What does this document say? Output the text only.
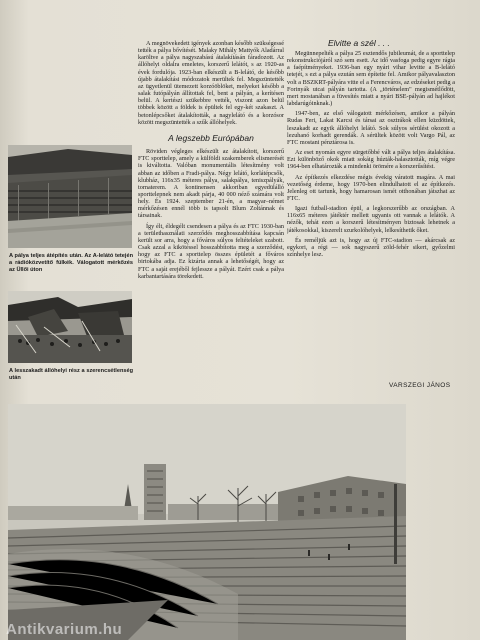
A pálya teljes átépítés után. Az A-lelátó tetején a rádióközvetítő fülkék. Válogatott mérkőzés az Üllői úton
A lesszakadt állóhelyi rész a szerencsétlenség után

A megnövekedett igények azonban később szükségessé tették a pálya bővítését. Malaky Mihály Mattyók Aladárral karöltve a pálya nagyszabású átalakításán fáradozott. Az állóhelyi oldalra emeletes, korszerű lelátót, s az 1920-as évek fordulója. 1923-ban elkészült a B-lelátó, de később újabb átalakítási módozatok merültek fel. Megszüntették az ügyetlenül ütemezett korzóöblöket, melyeket később a salak futópályán állítottak fel, bent a pályán, a kerítésen belül. A kertészi szükebbre vették, viszont azon belül többek között a földek is épültek fel egy-két szakaszt. A betonlépcsőket átalakították, a nagylelátó és a korzósor között megszüntették a szűk állóhelyek.

A legszebb Európában

Röviden végleges elkészült az átalakított, korszerű FTC sporttelep, amely a külföldi szakemberek elismerését is kiváltotta. Valóban monumentális létesítmény volt abban az időben a Fradi-pálya. Négy lelátó, korlátépcsők, klubház, 116x35 méteres pálya, salakpálya, teniszpályák, tornaterem. A kontinensen akkoriban egyedülálló sporttelepnek nem akadt párja, 40 000 néző számára volt hely. És 1924. szeptember 21-én, a magyar–német mérkőzésen ennél több is tapsolt Blum Zoltánnak és társainak.

Így élt, éldegélt csendesen a pálya és az FTC 1930-ban a területhasználati szerződés meghosszabbítása kapcsán került sor arra, hogy a főváros súlyos feltételeket szabott. Csak azzal a kikötéssel hosszabbította meg a szerződést, hogy az FTC a sporttelep összes épületét a főváros birtokába adja. Ez kizárta annak a lehetőségét, hogy az FTC a saját erejéből fejlessze a pályát. Ezért csak a pálya karbantartására törekedett.

Elvitte a szél . . .

Megünnepelték a pálya 25 esztendős jubileumát, de a sporttelep rekonstrukciójáról szó sem esett. Az idő vasfoga pedig egyre rágta a faépítményeket. 1936-ban egy nyári vihar levitte a B-lelátó tetejét, s ezt a pálya ezután sem építette fel. Amikor pályavalaszton volt a BSZKRT-pályára vitte el a Ferencváros, az edzéseket pedig a Forinyák utcai pályán tartotta. (A „történelem" megismétlődött, mert mostanában a füvesítés miatt a nyári BSE-pályán ad hajlékot labdarúgóinknak.)

1947-ben, az első válogatott mérkőzésen, amikor a pályán Rudas Feri, Lakat Karcsi és társai az osztrákok ellen küzdöttek, leszakadt az egyik állóhelyi lelátó. Sok súlyos sérülést okozott a lezuhanó korhadt gerendák. A sérültek között volt Vargo Pál, az FTC mostani pénztárosa is.

Az eset nyomán egyre sürgetőbbé vált a pálya teljes átalakítása. Ezt különböző okok miatt sokáig húzták-halasztották, míg végre 1964-ben elhatározták a mindenki örömére a korszerűsítést.

Az építkezés elkezdése mégis évekig váratott magára. A mai vezetőség érdeme, hogy 1970-ben elindulhatott el az építkezés. Jelenleg ott tartunk, hogy hamarosan ismét otthonában játszhat az FTC.

Igazi futball-stadion épül, a legkorszerűbb az országban. A 116x65 méteres játéktér mellett ugyanis ott vannak a lelátók. A nézők, tehát ezen a korszerű létesítményen biztosak lehetnek a játékosokkal, kiszerelt szurkolóhelyek, lelkesíthetik őket.

És reméljük azt is, hogy az új FTC-stadion — akárcsak az egykori, a régi — sok nagyszerű zöld-fehér sikert, győzelmi színhelye lesz.

VARSZEGI JÁNOS
Antikvarium.hu
